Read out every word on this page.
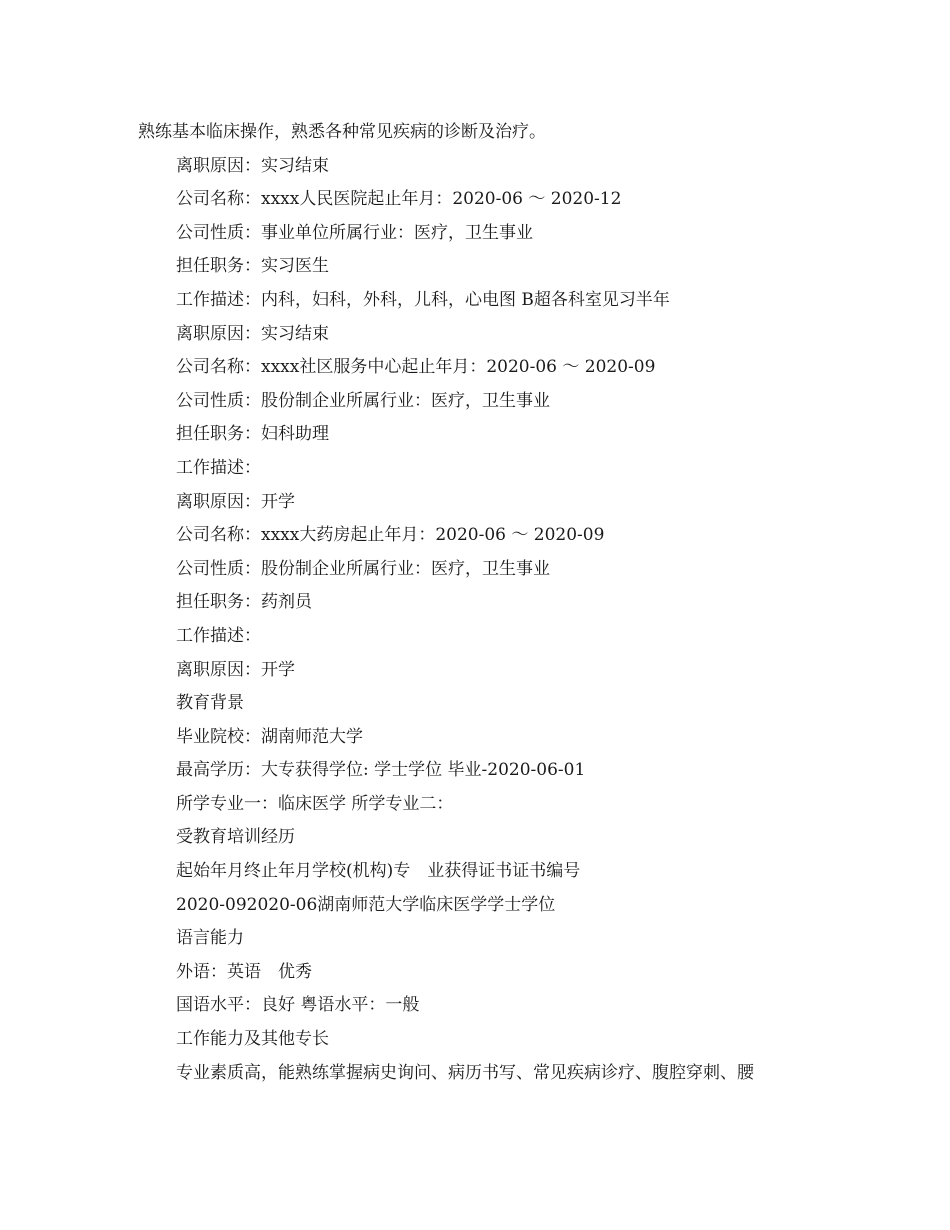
熟练基本临床操作，熟悉各种常见疾病的诊断及治疗。
离职原因：实习结束
公司名称：xxxx人民医院起止年月：2020-06 ～ 2020-12
公司性质：事业单位所属行业：医疗，卫生事业
担任职务：实习医生
工作描述：内科，妇科，外科，儿科，心电图 B超各科室见习半年
离职原因：实习结束
公司名称：xxxx社区服务中心起止年月：2020-06 ～ 2020-09
公司性质：股份制企业所属行业：医疗，卫生事业
担任职务：妇科助理
工作描述：
离职原因：开学
公司名称：xxxx大药房起止年月：2020-06 ～ 2020-09
公司性质：股份制企业所属行业：医疗，卫生事业
担任职务：药剂员
工作描述：
离职原因：开学
教育背景
毕业院校：湖南师范大学
最高学历：大专获得学位: 学士学位 毕业-2020-06-01
所学专业一：临床医学 所学专业二：
受教育培训经历
起始年月终止年月学校(机构)专　业获得证书证书编号
2020-092020-06湖南师范大学临床医学学士学位
语言能力
外语：英语　优秀
国语水平：良好 粤语水平：一般
工作能力及其他专长
专业素质高，能熟练掌握病史询问、病历书写、常见疾病诊疗、腹腔穿刺、腰
